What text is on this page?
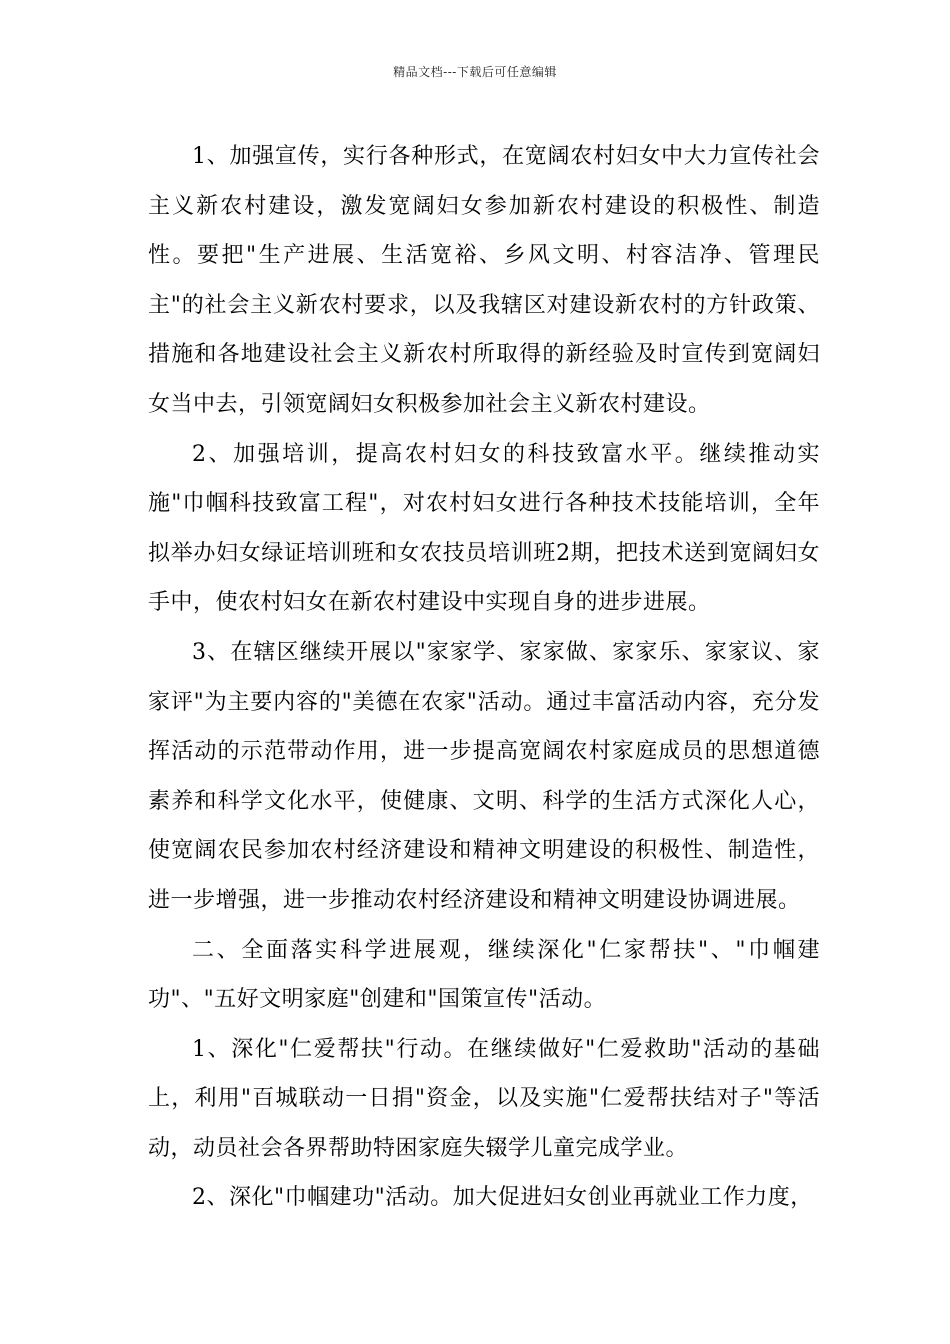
精品文档---下载后可任意编辑

1、加强宣传，实行各种形式，在宽阔农村妇女中大力宣传社会主义新农村建设，激发宽阔妇女参加新农村建设的积极性、制造性。要把"生产进展、生活宽裕、乡风文明、村容洁净、管理民主"的社会主义新农村要求，以及我辖区对建设新农村的方针政策、措施和各地建设社会主义新农村所取得的新经验及时宣传到宽阔妇女当中去，引领宽阔妇女积极参加社会主义新农村建设。

2、加强培训，提高农村妇女的科技致富水平。继续推动实施"巾帼科技致富工程"，对农村妇女进行各种技术技能培训，全年拟举办妇女绿证培训班和女农技员培训班2期，把技术送到宽阔妇女手中，使农村妇女在新农村建设中实现自身的进步进展。

3、在辖区继续开展以"家家学、家家做、家家乐、家家议、家家评"为主要内容的"美德在农家"活动。通过丰富活动内容，充分发挥活动的示范带动作用，进一步提高宽阔农村家庭成员的思想道德素养和科学文化水平，使健康、文明、科学的生活方式深化人心，使宽阔农民参加农村经济建设和精神文明建设的积极性、制造性，进一步增强，进一步推动农村经济建设和精神文明建设协调进展。

二、全面落实科学进展观，继续深化"仁家帮扶"、"巾帼建功"、"五好文明家庭"创建和"国策宣传"活动。

1、深化"仁爱帮扶"行动。在继续做好"仁爱救助"活动的基础上，利用"百城联动一日捐"资金，以及实施"仁爱帮扶结对子"等活动，动员社会各界帮助特困家庭失辍学儿童完成学业。

2、深化"巾帼建功"活动。加大促进妇女创业再就业工作力度，
